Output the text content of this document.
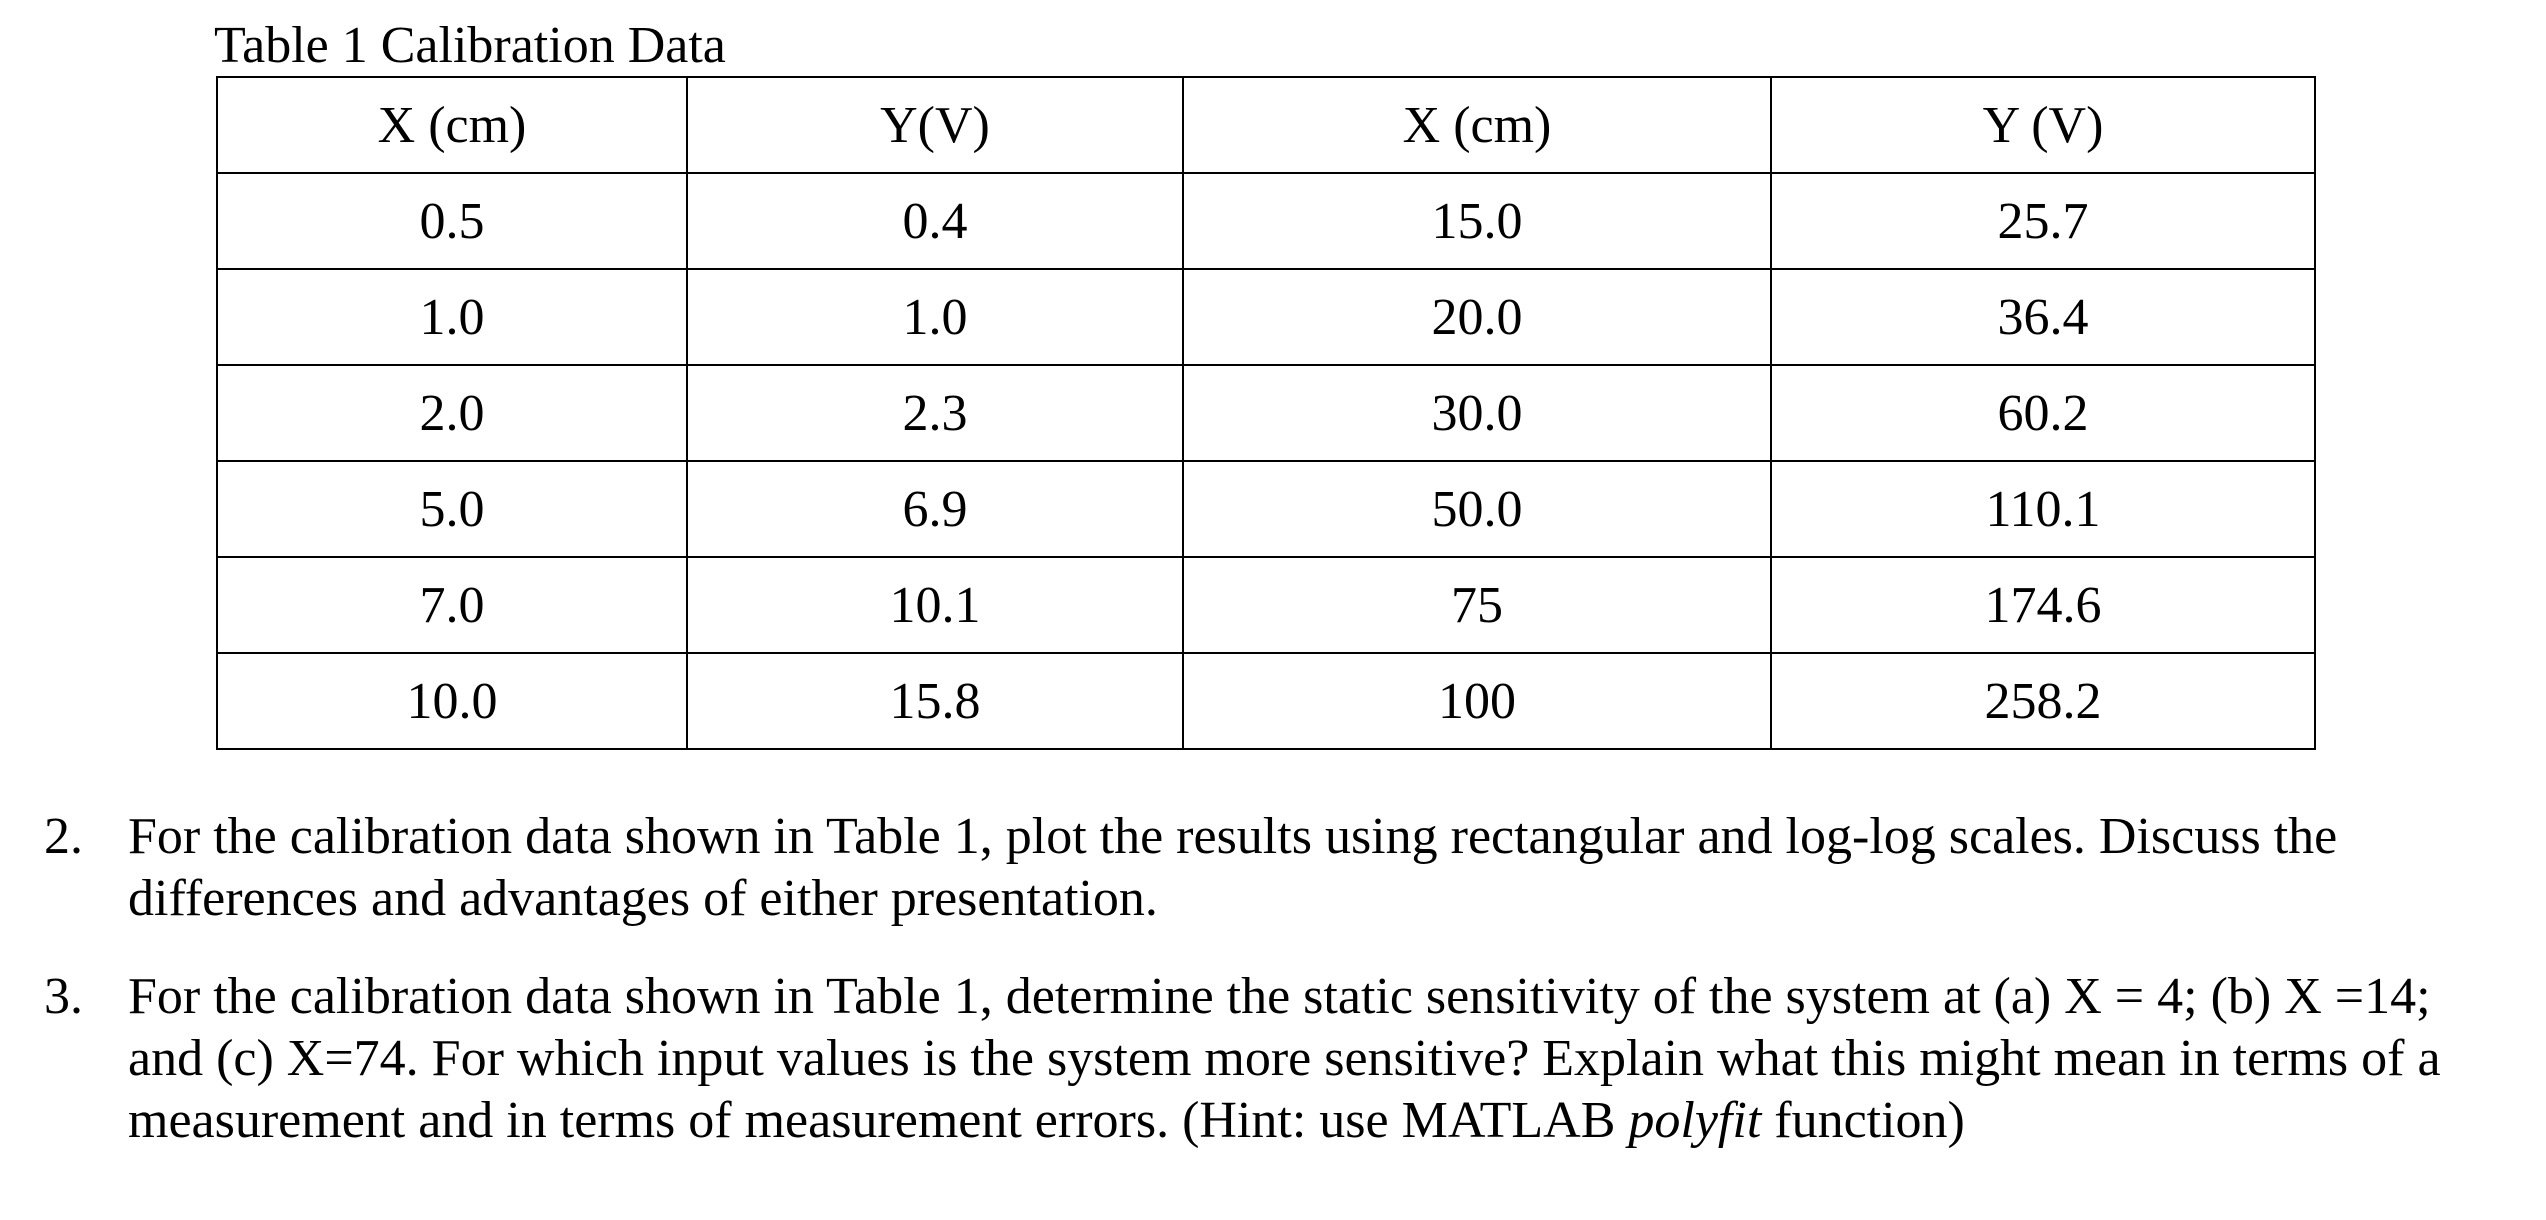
Table 1 Calibration Data
X (cm)	Y(V)	X (cm)	Y (V)
0.5	0.4	15.0	25.7
1.0	1.0	20.0	36.4
2.0	2.3	30.0	60.2
5.0	6.9	50.0	110.1
7.0	10.1	75	174.6
10.0	15.8	100	258.2
2. For the calibration data shown in Table 1, plot the results using rectangular and log-log scales. Discuss the differences and advantages of either presentation.
3. For the calibration data shown in Table 1, determine the static sensitivity of the system at (a) X = 4; (b) X =14; and (c) X=74. For which input values is the system more sensitive? Explain what this might mean in terms of a measurement and in terms of measurement errors. (Hint: use MATLAB polyfit function)
